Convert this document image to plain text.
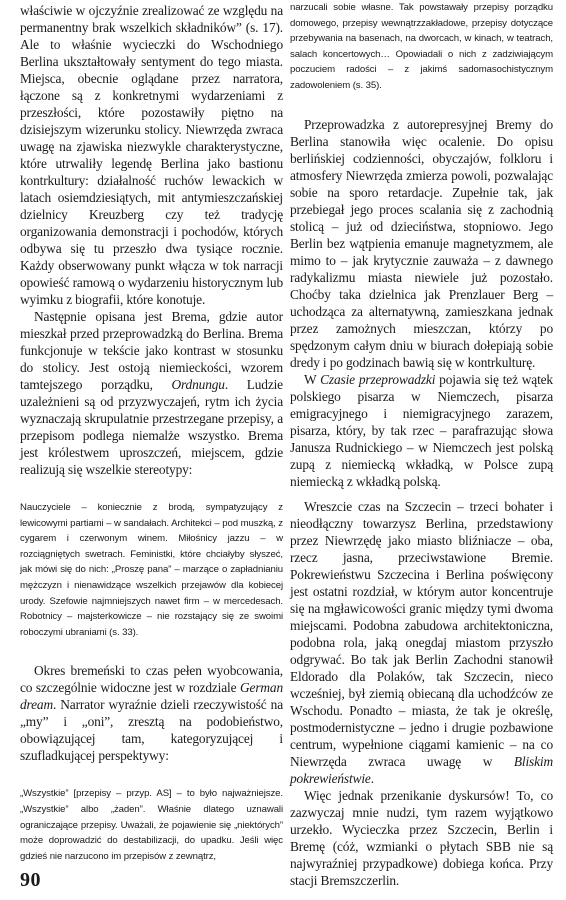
właściwie w ojczyźnie zrealizować ze względu na permanentny brak wszelkich składników” (s. 17). Ale to właśnie wycieczki do Wschodniego Berlina ukształtowały sentyment do tego miasta. Miejsca, obecnie oglądane przez narratora, łączone są z konkretnymi wydarzeniami z przeszłości, które pozostawiły piętno na dzisiejszym wizerunku stolicy. Niewrzęda zwraca uwagę na zjawiska niezwykle charakterystyczne, które utrwaliły legendę Berlina jako bastionu kontrkultury: działalność ruchów lewackich w latach osiemdziesiątych, mit antymieszczańskiej dzielnicy Kreuzberg czy też tradycję organizowania demonstracji i pochodów, których odbywa się tu przeszło dwa tysiące rocznie. Każdy obserwowany punkt włącza w tok narracji opowieść ramową o wydarzeniu historycznym lub wyimku z biografii, które konotuje.

Następnie opisana jest Brema, gdzie autor mieszkał przed przeprowadzką do Berlina. Brema funkcjonuje w tekście jako kontrast w stosunku do stolicy. Jest ostoją niemieckości, wzorem tamtejszego porządku, Ordnungu. Ludzie uzależnieni są od przyzwyczajeń, rytm ich życia wyznaczają skrupulatnie przestrzegane przepisy, a przepisom podlega niemalże wszystko. Brema jest królestwem uproszczeń, miejscem, gdzie realizują się wszelkie stereotypy:

Nauczyciele – koniecznie z brodą, sympatyzujący z lewicowymi partiami – w sandałach. Architekci – pod muszką, z cygarem i czerwonym winem. Miłośnicy jazzu – w rozciągniętych swetrach. Feministki, które chciałyby słyszeć, jak mówi się do nich: „Proszę pana” – marzące o zapładnianiu mężczyzn i nienawidzące wszelkich przejawów dla kobiecej urody. Szefowie najmniejszych nawet firm – w mercedesach. Robotnicy – majsterkowicze – nie rozstający się ze swoimi roboczymi ubraniami (s. 33).

Okres bremeński to czas pełen wyobcowania, co szczególnie widoczne jest w rozdziale German dream. Narrator wyraźnie dzieli rzeczywistość na „my” i „oni”, zresztą na podobieństwo, obowiązującej tam, kategoryzującej i szufladkującej perspektywy:

„Wszystkie” [przepisy – przyp. AS] – to było najważniejsze. „Wszystkie” albo „żaden”. Właśnie dlatego uznawali ograniczające przepisy. Uważali, że pojawienie się „niektórych” może doprowadzić do destabilizacji, do upadku. Jeśli więc gdzieś nie narzucono im przepisów z zewnątrz,

narzucali sobie własne. Tak powstawały przepisy porządku domowego, przepisy wewnątrzzakładowe, przepisy dotyczące przebywania na basenach, na dworcach, w kinach, w teatrach, salach koncertowych… Opowiadali o nich z zadziwiającym poczuciem radości – z jakimś sadomasochistycznym zadowoleniem (s. 35).

Przeprowadzka z autorepresyjnej Bremy do Berlina stanowiła więc ocalenie. Do opisu berlińskiej codzienności, obyczajów, folkloru i atmosfery Niewrzęda zmierza powoli, pozwalając sobie na sporo retardacje. Zupełnie tak, jak przebiegał jego proces scalania się z zachodnią stolicą – już od dzieciństwa, stopniowo. Jego Berlin bez wątpienia emanuje magnetyzmem, ale mimo to – jak krytycznie zauważa – z dawnego radykalizmu miasta niewiele już pozostało. Choćby taka dzielnica jak Prenzlauer Berg – uchodząca za alternatywną, zamieszkana jednak przez zamożnych mieszczan, którzy po spędzonym całym dniu w biurach dołepiają sobie dredy i po godzinach bawią się w kontrkulturę.

W Czasie przeprowadzki pojawia się też wątek polskiego pisarza w Niemczech, pisarza emigracyjnego i niemigracyjnego zarazem, pisarza, który, by tak rzec – parafrazując słowa Janusza Rudnickiego – w Niemczech jest polską zupą z niemiecką wkładką, w Polsce zupą niemiecką z wkładką polską.

Wreszcie czas na Szczecin – trzeci bohater i nieodłączny towarzysz Berlina, przedstawiony przez Niewrzędę jako miasto bliźniacze – oba, rzecz jasna, przeciwstawione Bremie. Pokrewieństwu Szczecina i Berlina poświęcony jest ostatni rozdział, w którym autor koncentruje się na mgławicowości granic między tymi dwoma miejscami. Podobna zabudowa architektoniczna, podobna rola, jaką onegdaj miastom przyszło odgrywać. Bo tak jak Berlin Zachodni stanowił Eldorado dla Polaków, tak Szczecin, nieco wcześniej, był ziemią obiecaną dla uchodźców ze Wschodu. Ponadto – miasta, że tak je określę, postmodernistyczne – jedno i drugie pozbawione centrum, wypełnione ciągami kamienic – na co Niewrzęda zwraca uwagę w Bliskim pokrewieństwie.

Więc jednak przenikanie dyskursów! To, co zazwyczaj mnie nudzi, tym razem wyjątkowo urzekło. Wycieczka przez Szczecin, Berlin i Bremę (cóż, wzmianki o płytach SBB nie są najwyraźniej przypadkowe) dobiega końca. Przy stacji Bremszczerlin.

90
